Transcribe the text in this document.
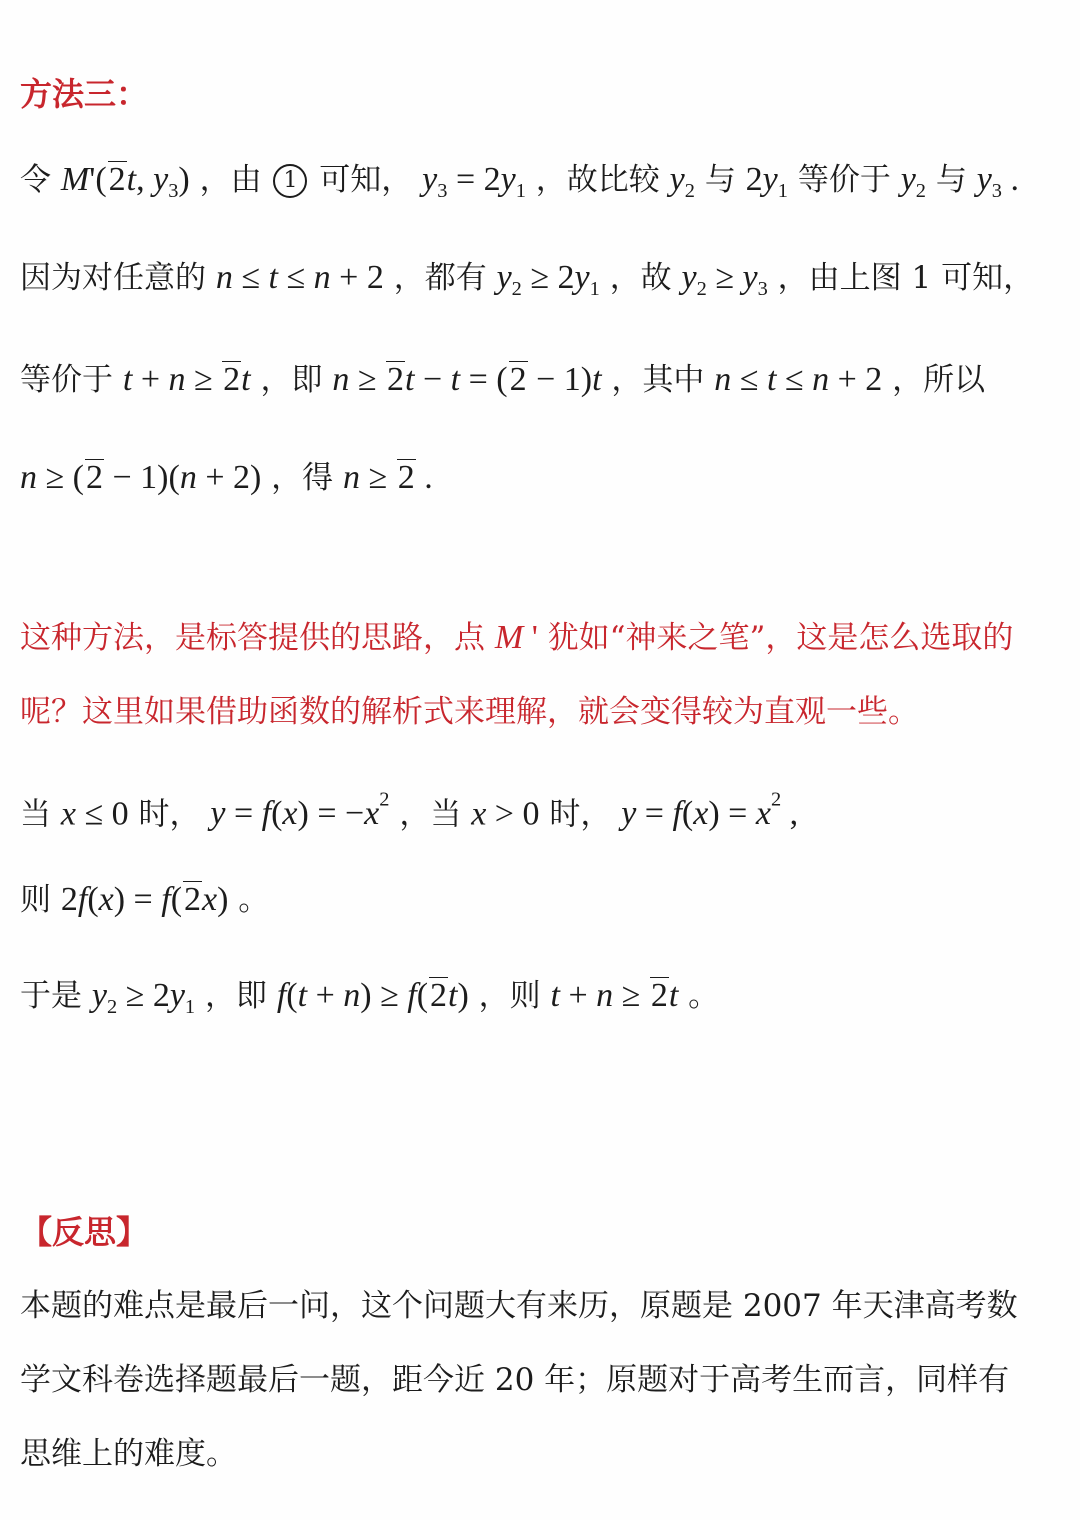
方法三：
令 M'(2t, $y_3$) ，由 1 可知， $y_3 = 2y_1$ ，故比较 $y_2$ 与 $2y_1$ 等价于 $y_2$ 与 $y_3$ .
因为对任意的 n ≤ t ≤ n + 2 ，都有 $y_2 \ge 2y_1$ ，故 $y_2 \ge y_3$ ，由上图 1 可知，
等价于 t + n ≥ 2t ，即 n ≥ 2t − t = (2 − 1)t ，其中 n ≤ t ≤ n + 2 ，所以
n ≥ (2 − 1)(n + 2) ，得 n ≥ 2 .
这种方法，是标答提供的思路，点 M ' 犹如“神来之笔”，这是怎么选取的
呢？这里如果借助函数的解析式来理解，就会变得较为直观一些。
当 x ≤ 0 时， $y = f(x) = -x^2$ ，当 x > 0 时， $y = f(x) = x^2$ ,
则 2f(x) = f(2x) 。
于是 $y_2 \ge 2y_1$ ，即 f(t + n) ≥ f(2t) ，则 t + n ≥ 2t 。
【反思】
本题的难点是最后一问，这个问题大有来历，原题是 2007 年天津高考数
学文科卷选择题最后一题，距今近 20 年；原题对于高考生而言，同样有
思维上的难度。
